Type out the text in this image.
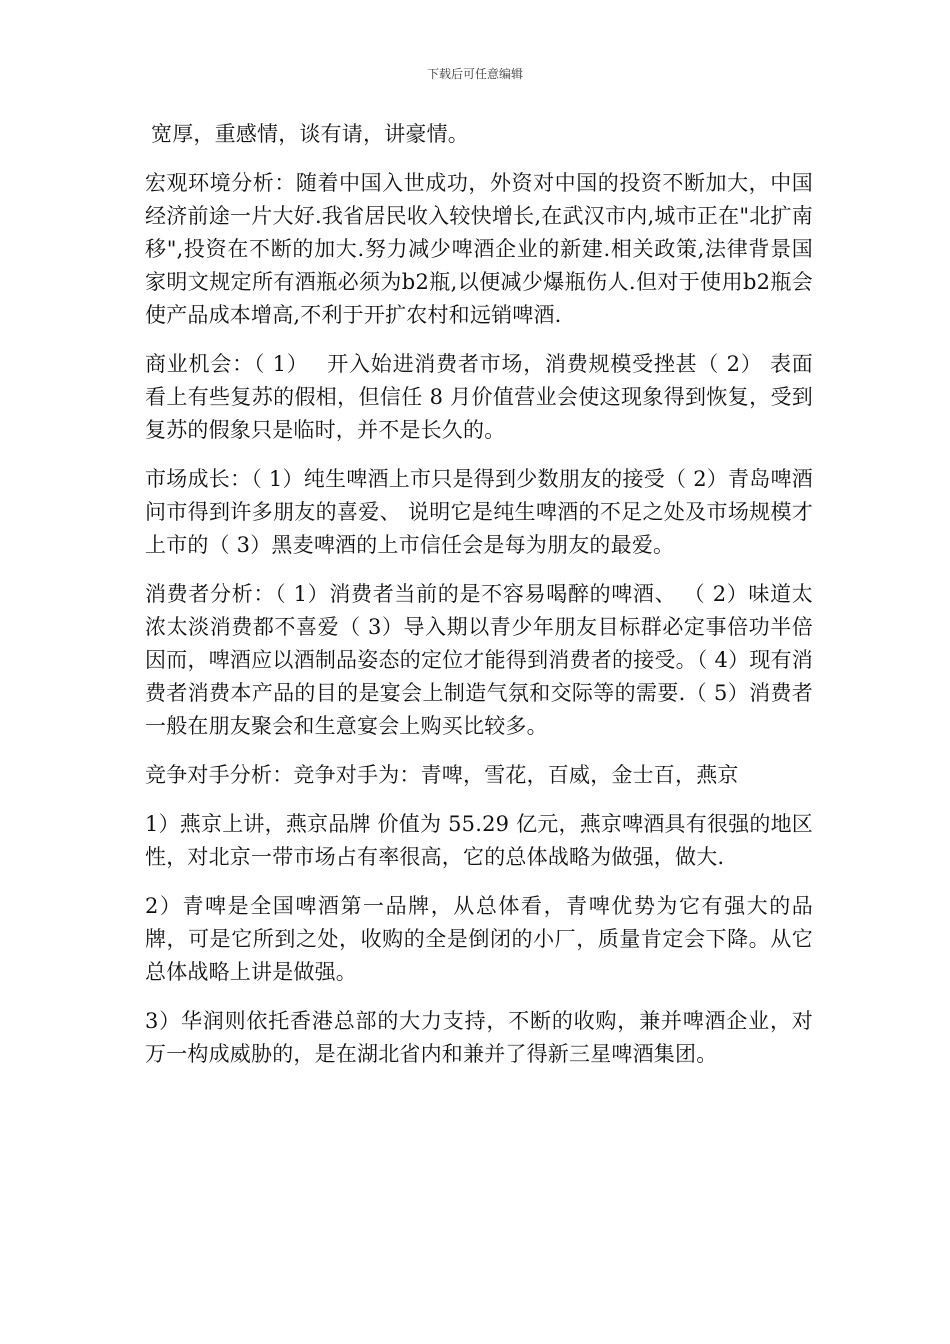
下载后可任意编辑

宽厚，重感情，谈有请，讲豪情。

宏观环境分析：随着中国入世成功，外资对中国的投资不断加大，中国经济前途一片大好.我省居民收入较快增长,在武汉市内,城市正在"北扩南移",投资在不断的加大.努力减少啤酒企业的新建.相关政策,法律背景国家明文规定所有酒瓶必须为b2瓶,以便减少爆瓶伤人.但对于使用b2瓶会使产品成本增高,不利于开扩农村和远销啤酒.

商业机会：（ 1）　 开入始进消费者市场，消费规模受挫甚（ 2） 表面看上有些复苏的假相，但信任 8 月价值营业会使这现象得到恢复，受到复苏的假象只是临时，并不是长久的。

市场成长：（ 1）纯生啤酒上市只是得到少数朋友的接受（ 2）青岛啤酒问市得到许多朋友的喜爱、 说明它是纯生啤酒的不足之处及市场规模才上市的（ 3）黑麦啤酒的上市信任会是每为朋友的最爱。

消费者分析：（ 1）消费者当前的是不容易喝醉的啤酒、 （ 2）味道太浓太淡消费都不喜爱（ 3）导入期以青少年朋友目标群必定事倍功半倍因而，啤酒应以酒制品姿态的定位才能得到消费者的接受。（ 4）现有消费者消费本产品的目的是宴会上制造气氛和交际等的需要.（ 5）消费者一般在朋友聚会和生意宴会上购买比较多。

竞争对手分析：竞争对手为：青啤，雪花，百威，金士百，燕京

1）燕京上讲，燕京品牌 价值为 55.29 亿元，燕京啤酒具有很强的地区性，对北京一带市场占有率很高，它的总体战略为做强，做大.

2）青啤是全国啤酒第一品牌，从总体看，青啤优势为它有强大的品牌，可是它所到之处，收购的全是倒闭的小厂，质量肯定会下降。从它总体战略上讲是做强。

3）华润则依托香港总部的大力支持，不断的收购，兼并啤酒企业，对万一构成威胁的，是在湖北省内和兼并了得新三星啤酒集团。
